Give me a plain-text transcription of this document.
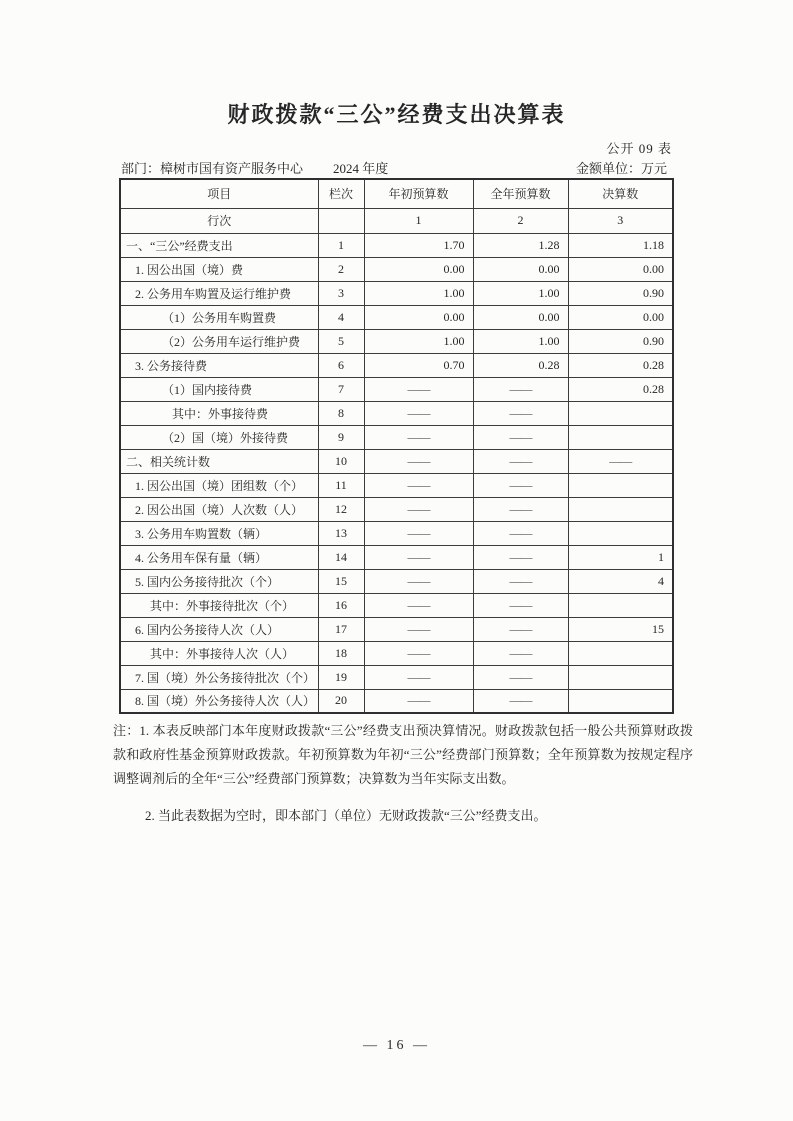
财政拨款“三公”经费支出决算表
公开 09 表
部门：樟树市国有资产服务中心 2024 年度	金额单位：万元
项目	栏次	年初预算数	全年预算数	决算数
行次		1	2	3
一、“三公”经费支出	1	1.70	1.28	1.18
1. 因公出国（境）费	2	0.00	0.00	0.00
2. 公务用车购置及运行维护费	3	1.00	1.00	0.90
（1）公务用车购置费	4	0.00	0.00	0.00
（2）公务用车运行维护费	5	1.00	1.00	0.90
3. 公务接待费	6	0.70	0.28	0.28
（1）国内接待费	7	——	——	0.28
其中：外事接待费	8	——	——	
（2）国（境）外接待费	9	——	——	
二、相关统计数	10	——	——	——
1. 因公出国（境）团组数（个）	11	——	——	
2. 因公出国（境）人次数（人）	12	——	——	
3. 公务用车购置数（辆）	13	——	——	
4. 公务用车保有量（辆）	14	——	——	1
5. 国内公务接待批次（个）	15	——	——	4
其中：外事接待批次（个）	16	——	——	
6. 国内公务接待人次（人）	17	——	——	15
其中：外事接待人次（人）	18	——	——	
7. 国（境）外公务接待批次（个）	19	——	——	
8. 国（境）外公务接待人次（人）	20	——	——	

注：1. 本表反映部门本年度财政拨款“三公”经费支出预决算情况。财政拨款包括一般公共预算财政拨款和政府性基金预算财政拨款。年初预算数为年初“三公”经费部门预算数；全年预算数为按规定程序调整调剂后的全年“三公”经费部门预算数；决算数为当年实际支出数。

2. 当此表数据为空时，即本部门（单位）无财政拨款“三公”经费支出。

— 16 —
